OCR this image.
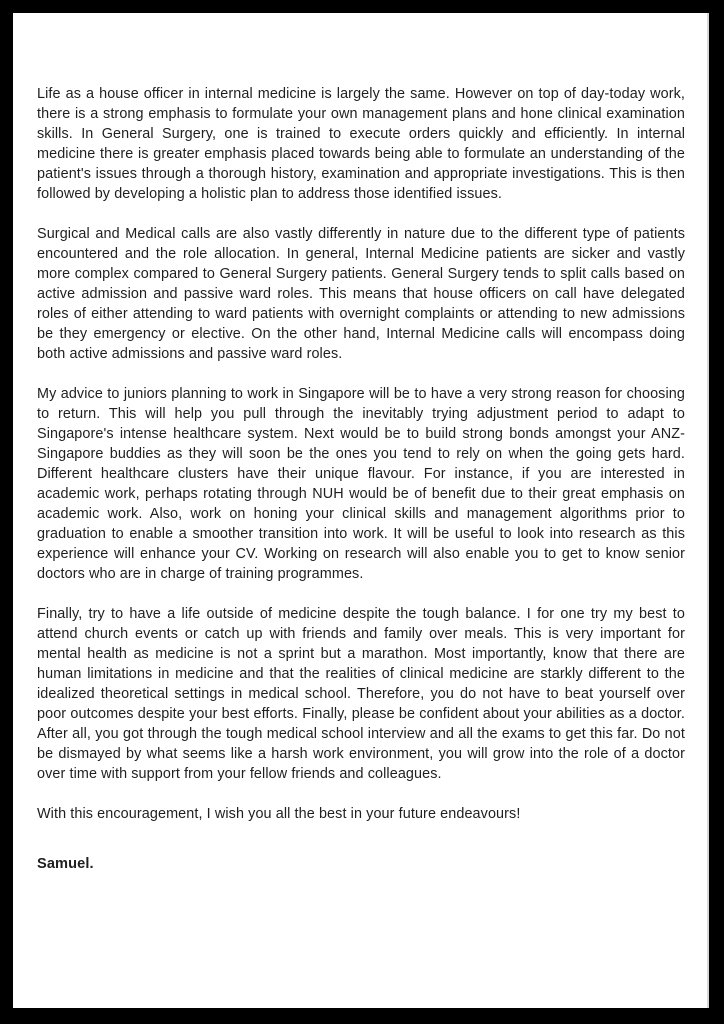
Life as a house officer in internal medicine is largely the same. However on top of day-today work, there is a strong emphasis to formulate your own management plans and hone clinical examination skills. In General Surgery, one is trained to execute orders quickly and efficiently. In internal medicine there is greater emphasis placed towards being able to formulate an understanding of the patient's issues through a thorough history, examination and appropriate investigations. This is then followed by developing a holistic plan to address those identified issues.

Surgical and Medical calls are also vastly differently in nature due to the different type of patients encountered and the role allocation. In general, Internal Medicine patients are sicker and vastly more complex compared to General Surgery patients. General Surgery tends to split calls based on active admission and passive ward roles. This means that house officers on call have delegated roles of either attending to ward patients with overnight complaints or attending to new admissions be they emergency or elective. On the other hand, Internal Medicine calls will encompass doing both active admissions and passive ward roles.

My advice to juniors planning to work in Singapore will be to have a very strong reason for choosing to return. This will help you pull through the inevitably trying adjustment period to adapt to Singapore's intense healthcare system. Next would be to build strong bonds amongst your ANZ-Singapore buddies as they will soon be the ones you tend to rely on when the going gets hard. Different healthcare clusters have their unique flavour. For instance, if you are interested in academic work, perhaps rotating through NUH would be of benefit due to their great emphasis on academic work. Also, work on honing your clinical skills and management algorithms prior to graduation to enable a smoother transition into work. It will be useful to look into research as this experience will enhance your CV. Working on research will also enable you to get to know senior doctors who are in charge of training programmes.

Finally, try to have a life outside of medicine despite the tough balance. I for one try my best to attend church events or catch up with friends and family over meals. This is very important for mental health as medicine is not a sprint but a marathon. Most importantly, know that there are human limitations in medicine and that the realities of clinical medicine are starkly different to the idealized theoretical settings in medical school. Therefore, you do not have to beat yourself over poor outcomes despite your best efforts. Finally, please be confident about your abilities as a doctor. After all, you got through the tough medical school interview and all the exams to get this far. Do not be dismayed by what seems like a harsh work environment, you will grow into the role of a doctor over time with support from your fellow friends and colleagues.

With this encouragement, I wish you all the best in your future endeavours!

Samuel.
